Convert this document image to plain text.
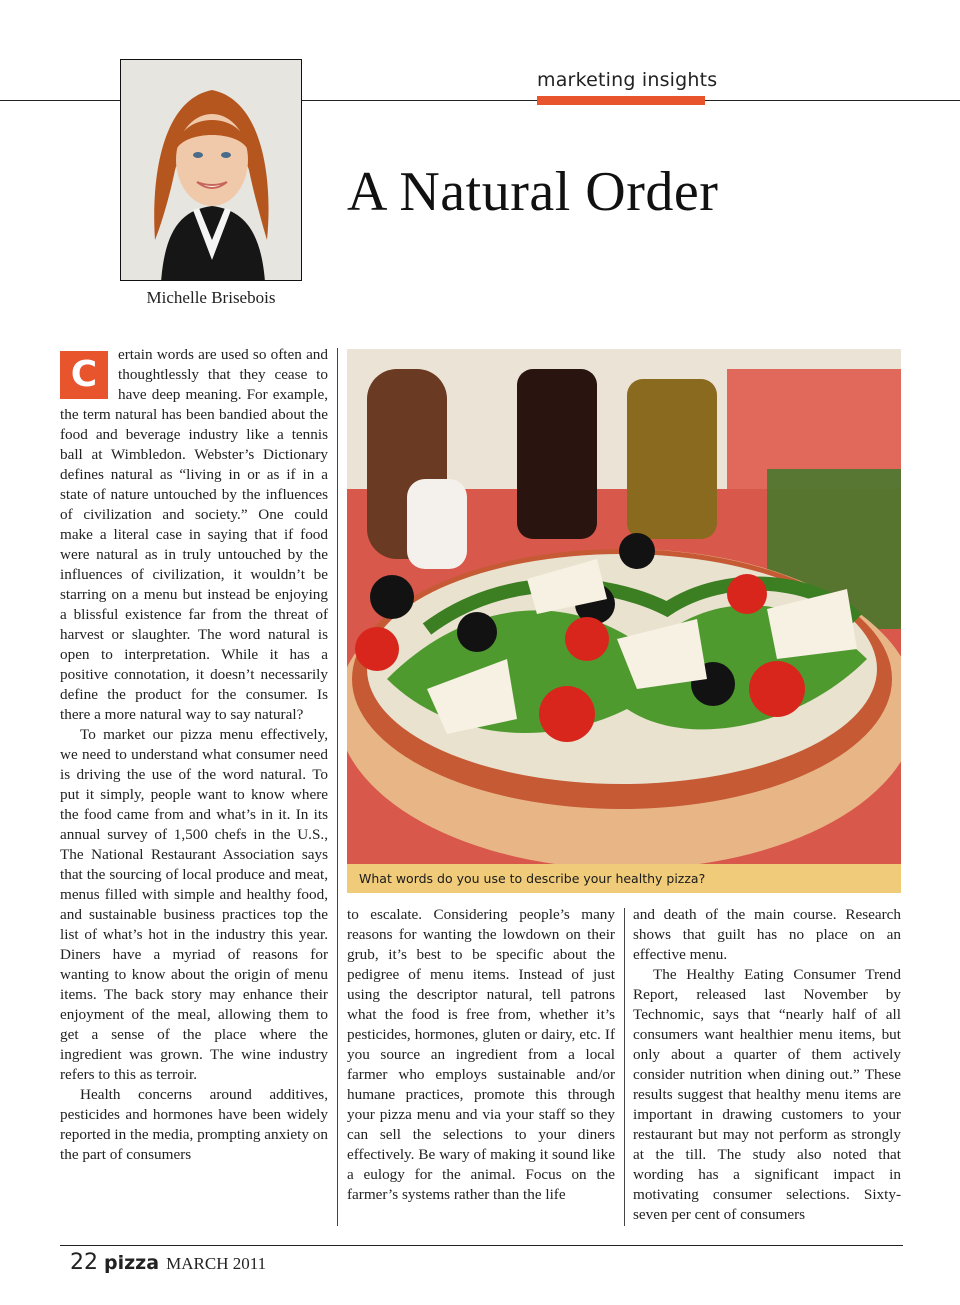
marketing insights
Michelle Brisebois
A Natural Order
C	ertain words are used so often and thoughtlessly that they cease to have deep meaning. For example, the term natural has been bandied about the food and beverage industry like a tennis ball at Wimbledon. Webster’s Dictionary defines natural as “living in or as if in a state of nature untouched by the influences of civilization and society.” One could make a literal case in saying that if food were natural as in truly untouched by the influences of civilization, it wouldn’t be starring on a menu but instead be enjoying a blissful existence far from the threat of harvest or slaughter. The word natural is open to interpretation. While it has a positive connotation, it doesn’t necessarily define the product for the consumer. Is there a more natural way to say natural?

To market our pizza menu effectively, we need to understand what consumer need is driving the use of the word natural. To put it simply, people want to know where the food came from and what’s in it. In its annual survey of 1,500 chefs in the U.S., The National Restaurant Association says that the sourcing of local produce and meat, menus filled with simple and healthy food, and sustainable business practices top the list of what’s hot in the industry this year. Diners have a myriad of reasons for wanting to know about the origin of menu items. The back story may enhance their enjoyment of the meal, allowing them to get a sense of the place where the ingredient was grown. The wine industry refers to this as terroir.

Health concerns around additives, pesticides and hormones have been widely reported in the media, prompting anxiety on the part of consumers

What words do you use to describe your healthy pizza?

to escalate. Considering people’s many reasons for wanting the lowdown on their grub, it’s best to be specific about the pedigree of menu items. Instead of just using the descriptor natural, tell patrons what the food is free from, whether it’s pesticides, hormones, gluten or dairy, etc. If you source an ingredient from a local farmer who employs sustainable and/or humane practices, promote this through your pizza menu and via your staff so they can sell the selections to your diners effectively. Be wary of making it sound like a eulogy for the animal. Focus on the farmer’s systems rather than the life

and death of the main course. Research shows that guilt has no place on an effective menu.

The Healthy Eating Consumer Trend Report, released last November by Technomic, says that “nearly half of all consumers want healthier menu items, but only about a quarter of them actively consider nutrition when dining out.” These results suggest that healthy menu items are important in drawing customers to your restaurant but may not perform as strongly at the till. The study also noted that wording has a significant impact in motivating consumer selections. Sixty-seven per cent of consumers

22 pizza MARCH 2011
